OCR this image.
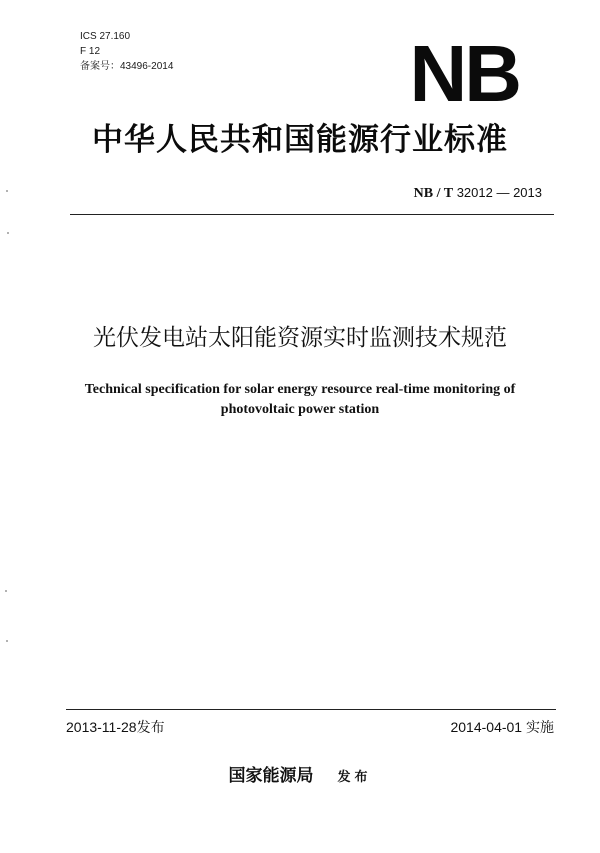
ICS 27.160
F 12
备案号：43496-2014	NB
中华人民共和国能源行业标准
NB / T 32012 — 2013
光伏发电站太阳能资源实时监测技术规范
Technical specification for solar energy resource real-time monitoring of
photovoltaic power station
2013-11-28发布	2014-04-01 实施
国家能源局 发布
